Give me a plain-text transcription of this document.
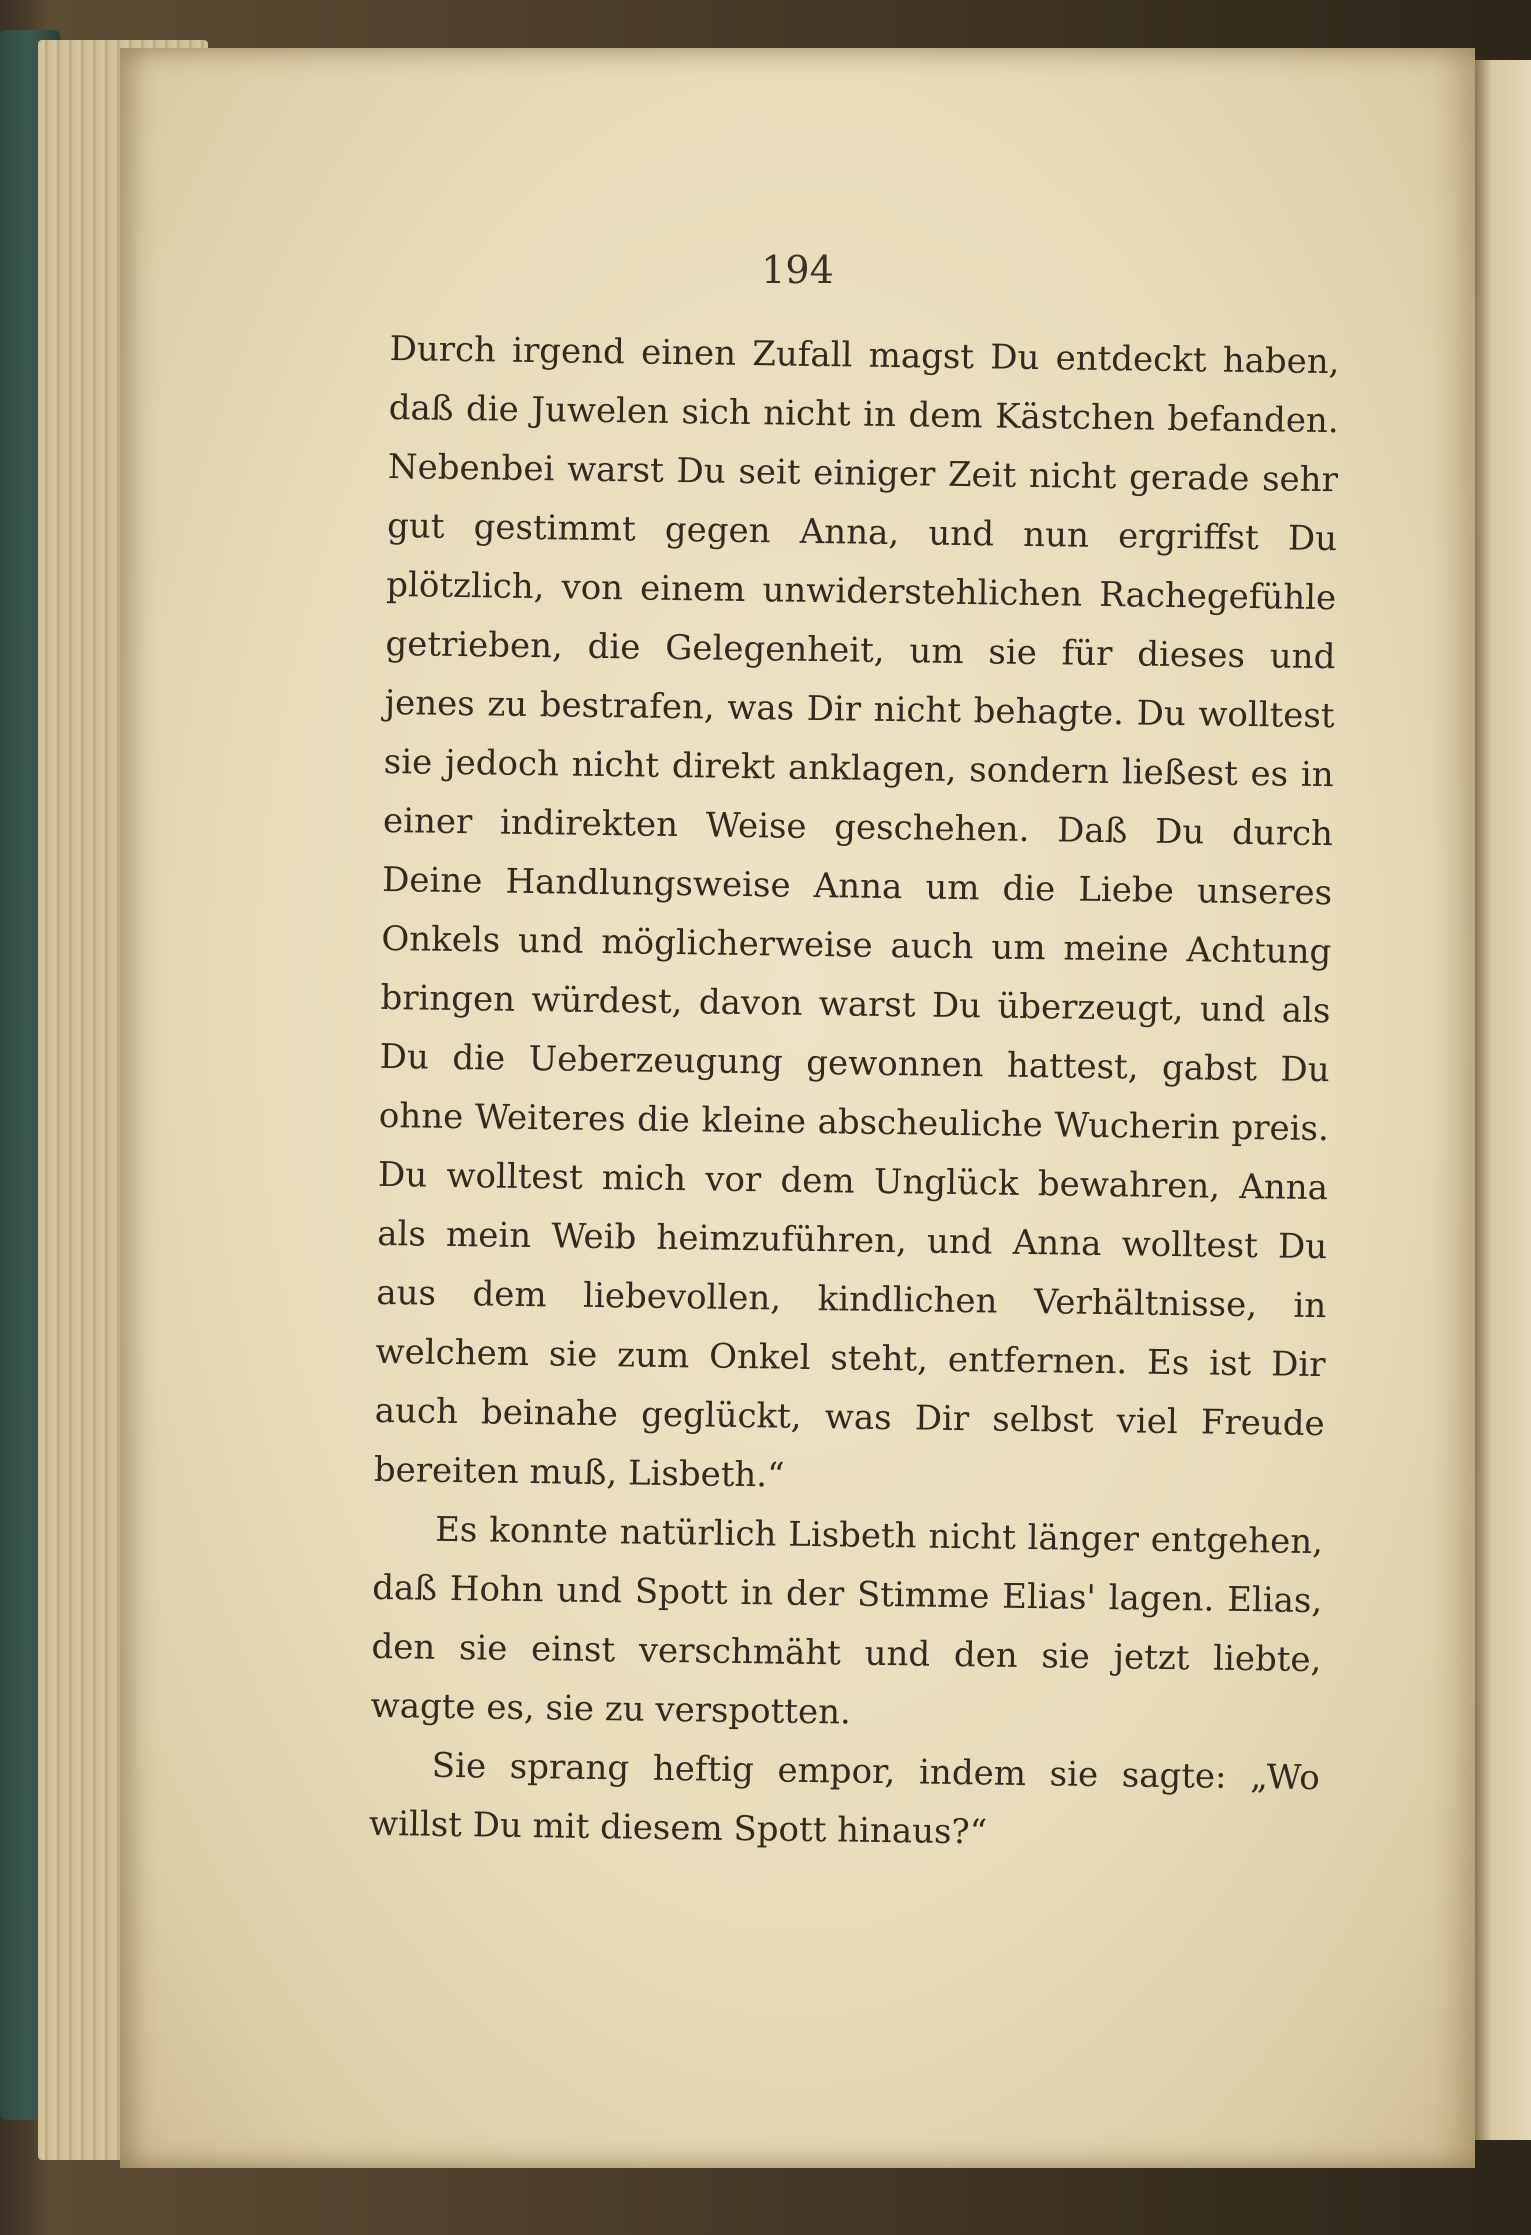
194

Durch irgend einen Zufall magst Du entdeckt haben, daß die Juwelen sich nicht in dem Kästchen befanden. Nebenbei warst Du seit einiger Zeit nicht gerade sehr gut gestimmt gegen Anna, und nun ergriffst Du plötzlich, von einem unwiderstehlichen Rachegefühle getrieben, die Gelegenheit, um sie für dieses und jenes zu bestrafen, was Dir nicht behagte. Du wolltest sie jedoch nicht direkt anklagen, sondern ließest es in einer indirekten Weise geschehen. Daß Du durch Deine Handlungsweise Anna um die Liebe unseres Onkels und möglicherweise auch um meine Achtung bringen würdest, davon warst Du überzeugt, und als Du die Ueberzeugung gewonnen hattest, gabst Du ohne Weiteres die kleine abscheuliche Wucherin preis. Du wolltest mich vor dem Unglück bewahren, Anna als mein Weib heimzuführen, und Anna wolltest Du aus dem liebevollen, kindlichen Verhältnisse, in welchem sie zum Onkel steht, entfernen. Es ist Dir auch beinahe geglückt, was Dir selbst viel Freude bereiten muß, Lisbeth.“

Es konnte natürlich Lisbeth nicht länger entgehen, daß Hohn und Spott in der Stimme Elias' lagen. Elias, den sie einst verschmäht und den sie jetzt liebte, wagte es, sie zu verspotten.

Sie sprang heftig empor, indem sie sagte: „Wo willst Du mit diesem Spott hinaus?“
